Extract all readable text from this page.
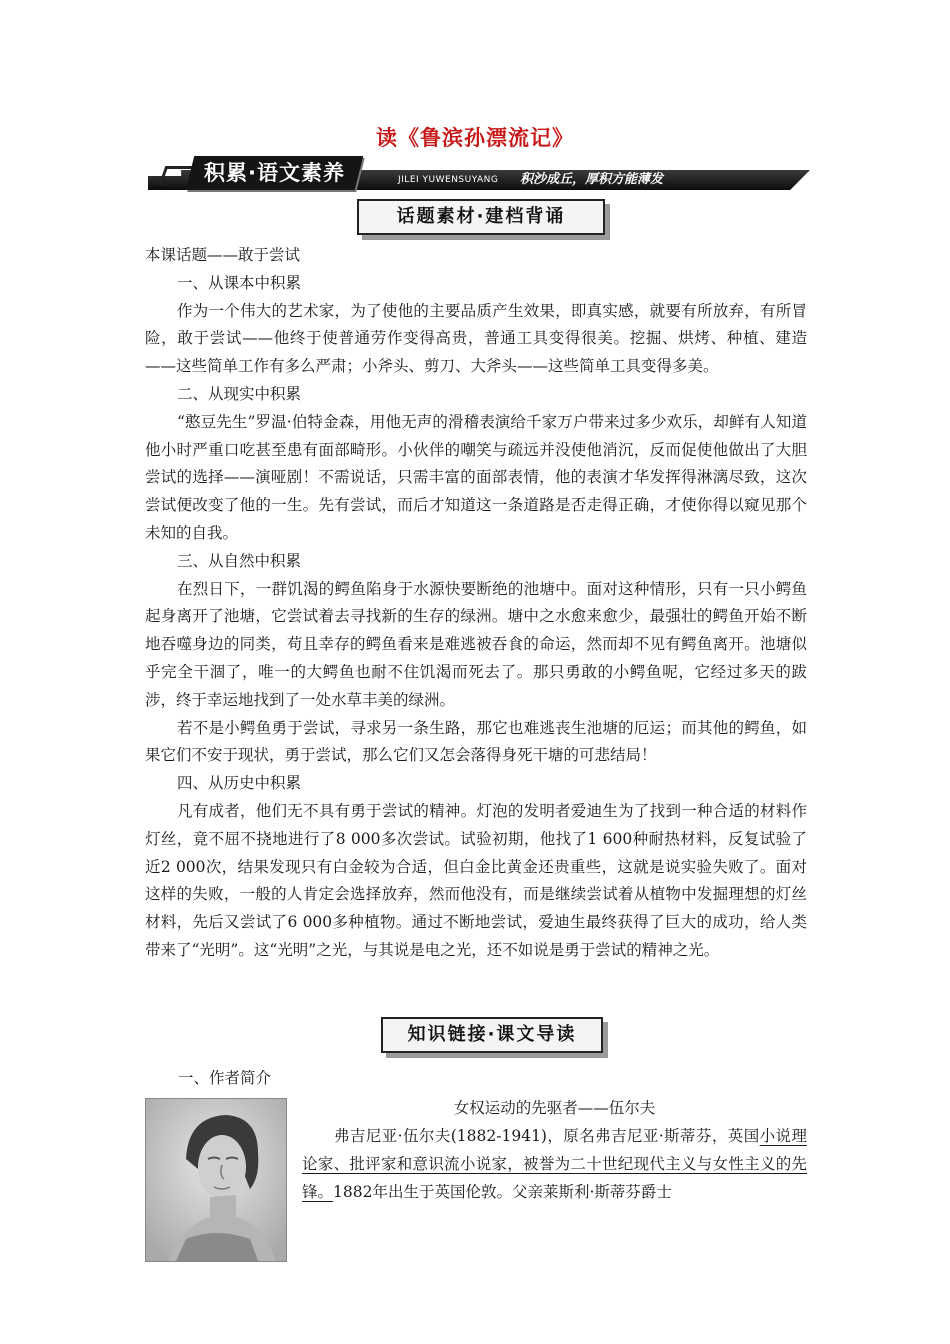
读《鲁滨孙漂流记》
积累·语文素养	JILEI YUWENSUYANG 积沙成丘，厚积方能薄发
话题素材·建档背诵

本课话题——敢于尝试

一、从课本中积累

作为一个伟大的艺术家，为了使他的主要品质产生效果，即真实感，就要有所放弃，有所冒险，敢于尝试——他终于使普通劳作变得高贵，普通工具变得很美。挖掘、烘烤、种植、建造——这些简单工作有多么严肃；小斧头、剪刀、大斧头——这些简单工具变得多美。

二、从现实中积累

“憨豆先生”罗温·伯特金森，用他无声的滑稽表演给千家万户带来过多少欢乐，却鲜有人知道他小时严重口吃甚至患有面部畸形。小伙伴的嘲笑与疏远并没使他消沉，反而促使他做出了大胆尝试的选择——演哑剧！不需说话，只需丰富的面部表情，他的表演才华发挥得淋漓尽致，这次尝试便改变了他的一生。先有尝试，而后才知道这一条道路是否走得正确，才使你得以窥见那个未知的自我。

三、从自然中积累

在烈日下，一群饥渴的鳄鱼陷身于水源快要断绝的池塘中。面对这种情形，只有一只小鳄鱼起身离开了池塘，它尝试着去寻找新的生存的绿洲。塘中之水愈来愈少，最强壮的鳄鱼开始不断地吞噬身边的同类，苟且幸存的鳄鱼看来是难逃被吞食的命运，然而却不见有鳄鱼离开。池塘似乎完全干涸了，唯一的大鳄鱼也耐不住饥渴而死去了。那只勇敢的小鳄鱼呢，它经过多天的跋涉，终于幸运地找到了一处水草丰美的绿洲。

若不是小鳄鱼勇于尝试，寻求另一条生路，那它也难逃丧生池塘的厄运；而其他的鳄鱼，如果它们不安于现状，勇于尝试，那么它们又怎会落得身死干塘的可悲结局！

四、从历史中积累

凡有成者，他们无不具有勇于尝试的精神。灯泡的发明者爱迪生为了找到一种合适的材料作灯丝，竟不屈不挠地进行了8 000多次尝试。试验初期，他找了1 600种耐热材料，反复试验了近2 000次，结果发现只有白金较为合适，但白金比黄金还贵重些，这就是说实验失败了。面对这样的失败，一般的人肯定会选择放弃，然而他没有，而是继续尝试着从植物中发掘理想的灯丝材料，先后又尝试了6 000多种植物。通过不断地尝试，爱迪生最终获得了巨大的成功，给人类带来了“光明”。这“光明”之光，与其说是电之光，还不如说是勇于尝试的精神之光。

知识链接·课文导读
一、作者简介

女权运动的先驱者——伍尔夫

弗吉尼亚·伍尔夫(1882-1941)，原名弗吉尼亚·斯蒂芬，英国小说理论家、批评家和意识流小说家，被誉为二十世纪现代主义与女性主义的先锋。1882年出生于英国伦敦。父亲莱斯利·斯蒂芬爵士
